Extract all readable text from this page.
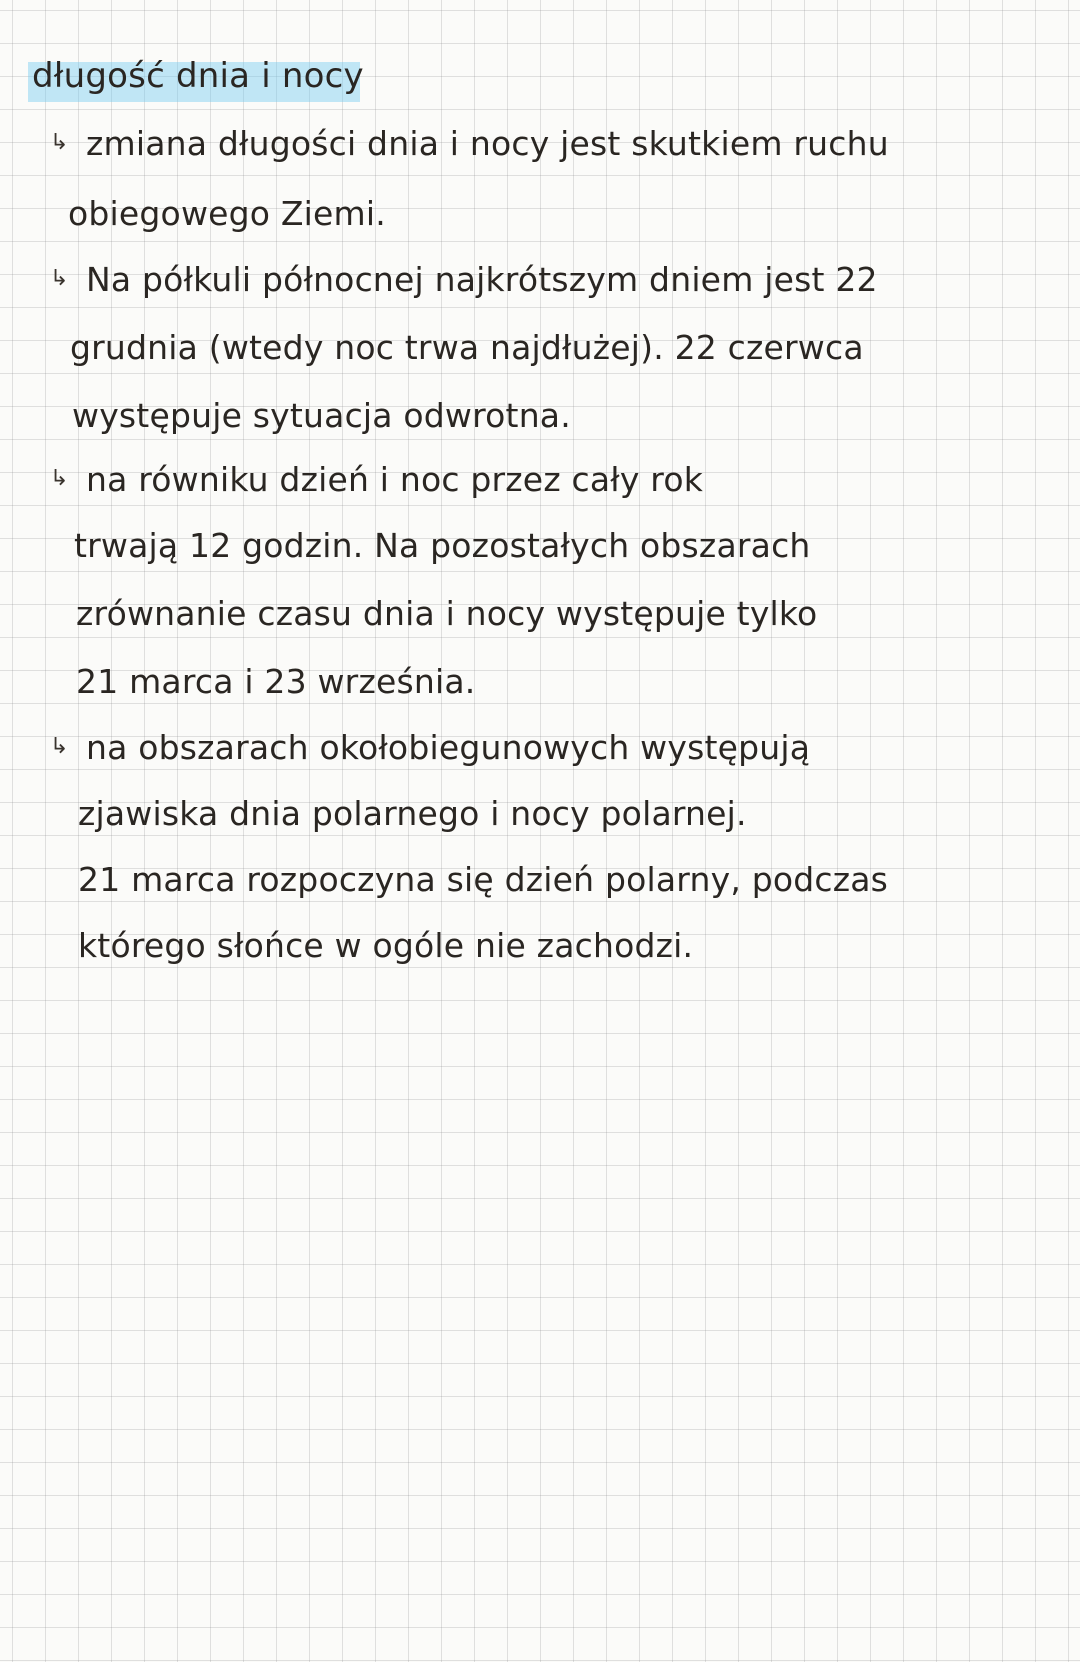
długość dnia i nocy
↳ zmiana długości dnia i nocy jest skutkiem ruchu
obiegowego Ziemi.
↳ Na półkuli północnej najkrótszym dniem jest 22
grudnia (wtedy noc trwa najdłużej). 22 czerwca
występuje sytuacja odwrotna.
↳ na równiku dzień i noc przez cały rok
trwają 12 godzin. Na pozostałych obszarach
zrównanie czasu dnia i nocy występuje tylko
21 marca i 23 września.
↳ na obszarach okołobiegunowych występują
zjawiska dnia polarnego i nocy polarnej.
21 marca rozpoczyna się dzień polarny, podczas
którego słońce w ogóle nie zachodzi.
